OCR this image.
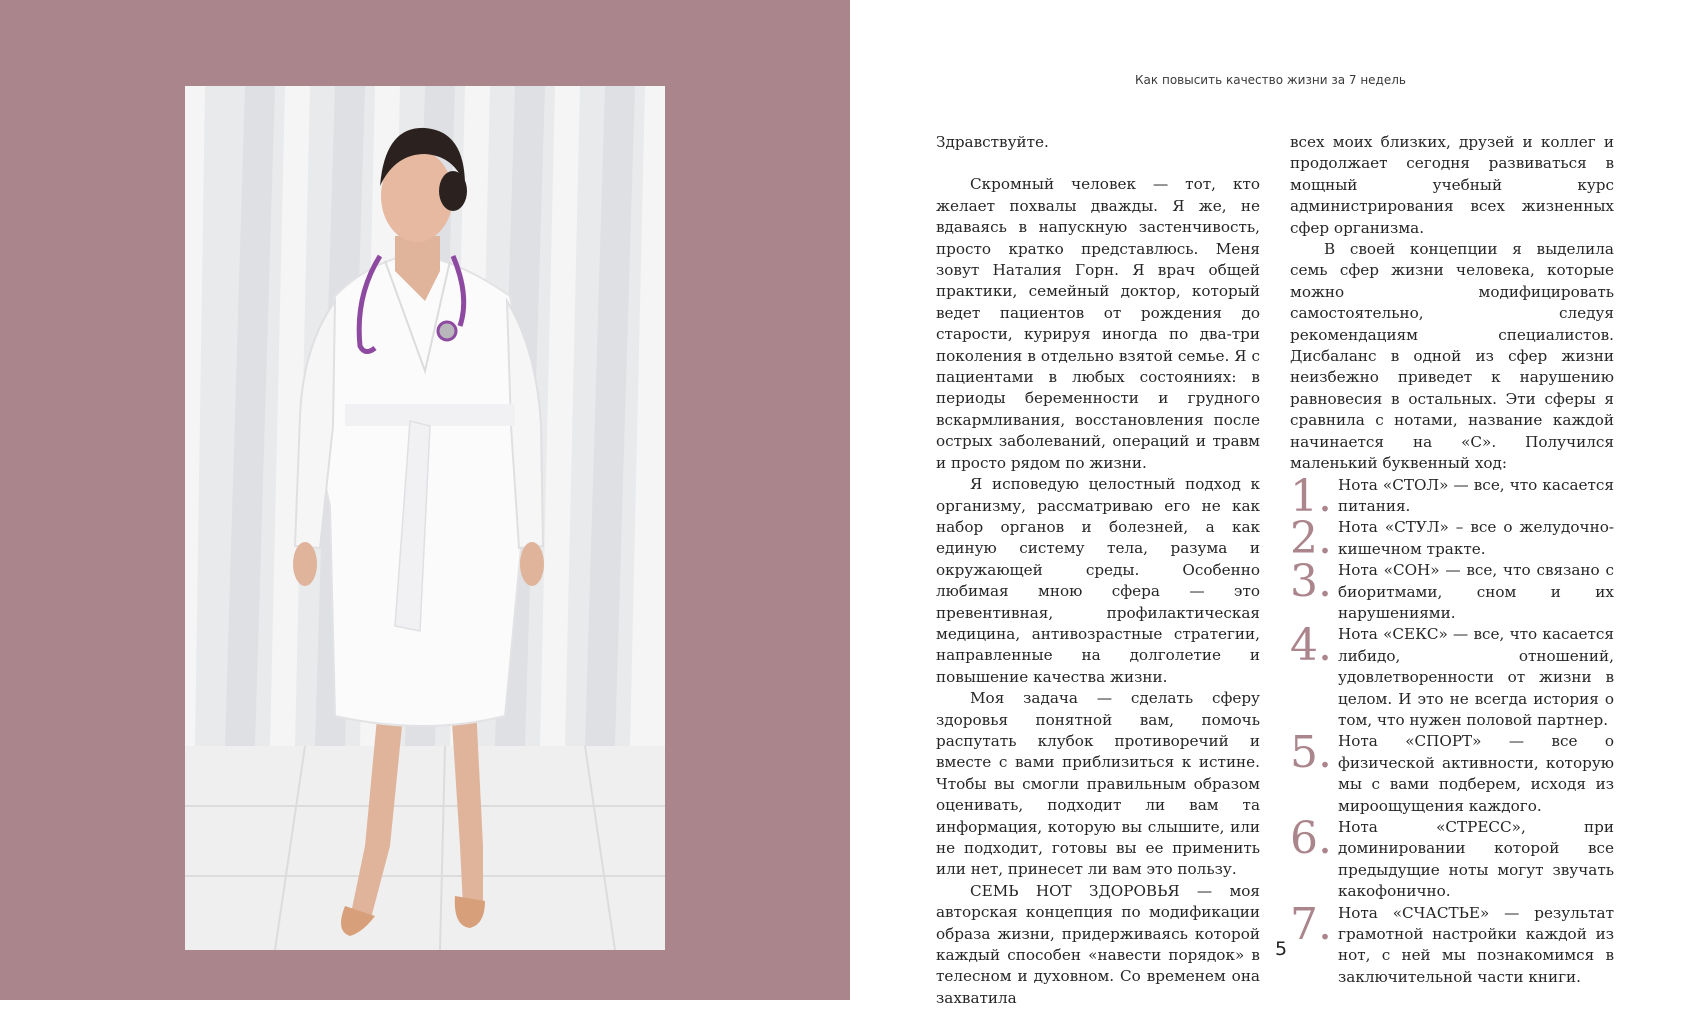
Как повысить качество жизни за 7 недель

Здравствуйте.

Скромный человек — тот, кто желает похвалы дважды. Я же, не вдаваясь в напускную застенчивость, просто кратко представлюсь. Меня зовут Наталия Горн. Я врач общей практики, семейный доктор, который ведет пациентов от рождения до старости, курируя иногда по два-три поколения в отдельно взятой семье. Я с пациентами в любых состояниях: в периоды беременности и грудного вскармливания, восстановления после острых заболеваний, операций и травм и просто рядом по жизни.

Я исповедую целостный подход к организму, рассматриваю его не как набор органов и болезней, а как единую систему тела, разума и окружающей среды. Особенно любимая мною сфера — это превентивная, профилактическая медицина, антивозрастные стратегии, направленные на долголетие и повышение качества жизни.

Моя задача — сделать сферу здоровья понятной вам, помочь распутать клубок противоречий и вместе с вами приблизиться к истине. Чтобы вы смогли правильным образом оценивать, подходит ли вам та информация, которую вы слышите, или не подходит, готовы вы ее применить или нет, принесет ли вам это пользу.

СЕМЬ НОТ ЗДОРОВЬЯ — моя авторская концепция по модификации образа жизни, придерживаясь которой каждый способен «навести порядок» в телесном и духовном. Со временем она захватила

всех моих близких, друзей и коллег и продолжает сегодня развиваться в мощный учебный курс администрирования всех жизненных сфер организма.

В своей концепции я выделила семь сфер жизни человека, которые можно модифицировать самостоятельно, следуя рекомендациям специалистов. Дисбаланс в одной из сфер жизни неизбежно приведет к нарушению равновесия в остальных. Эти сферы я сравнила с нотами, название каждой начинается на «С». Получился маленький буквенный ход:

1. Нота «СТОЛ» — все, что касается питания.
2. Нота «СТУЛ» – все о желудочно-кишечном тракте.
3. Нота «СОН» — все, что связано с биоритмами, сном и их нарушениями.
4. Нота «СЕКС» — все, что касается либидо, отношений, удовлетворенности от жизни в целом. И это не всегда история о том, что нужен половой партнер.
5. Нота «СПОРТ» — все о физической активности, которую мы с вами подберем, исходя из мироощущения каждого.
6. Нота «СТРЕСС», при доминировании которой все предыдущие ноты могут звучать какофонично.
7. Нота «СЧАСТЬЕ» — результат грамотной настройки каждой из нот, с ней мы познакомимся в заключительной части книги.
5
